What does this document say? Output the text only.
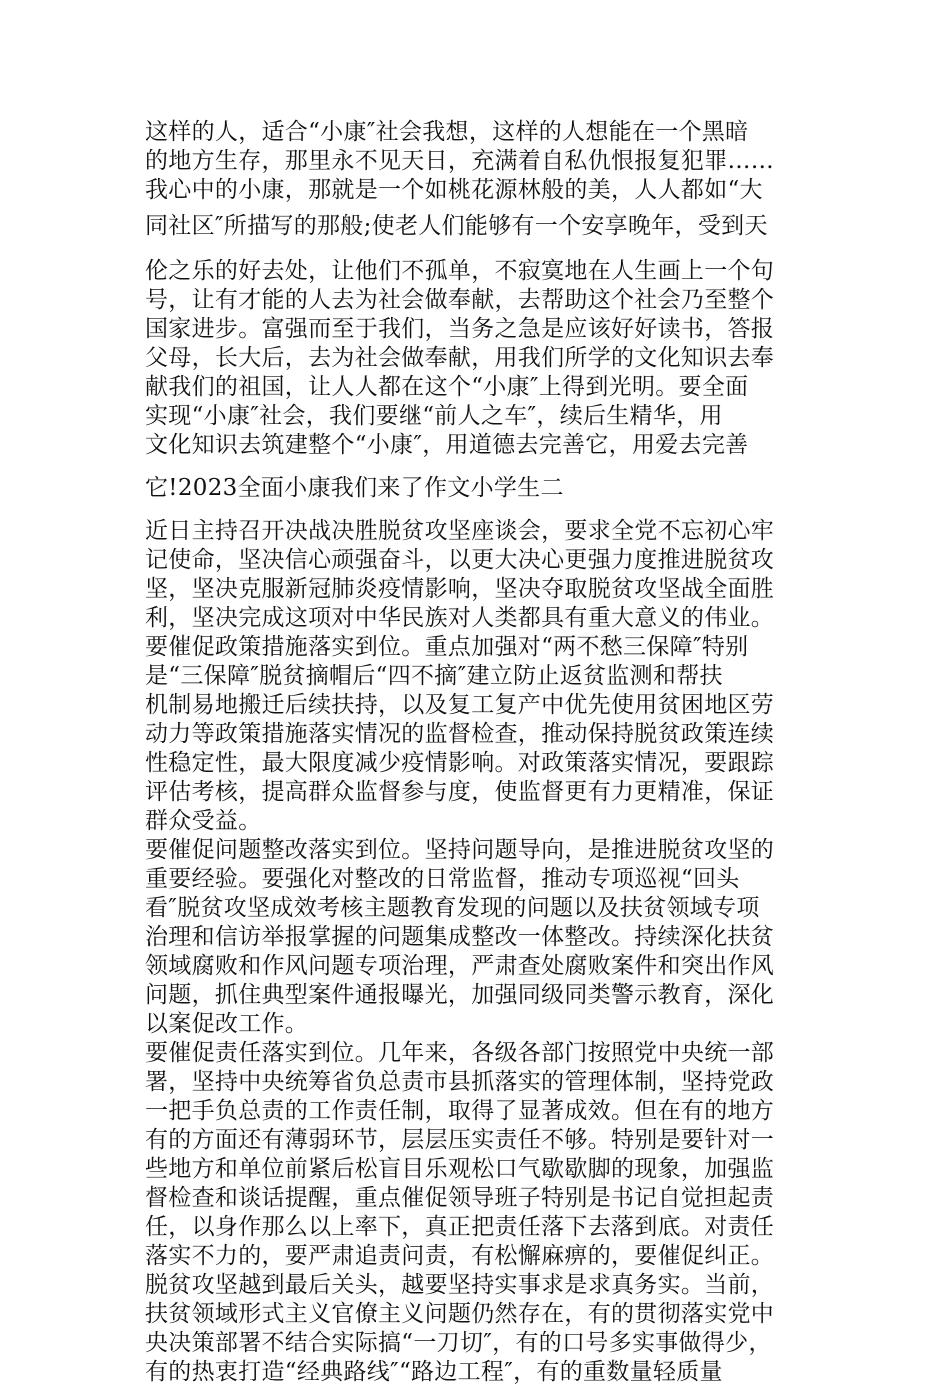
这样的人，适合“小康″社会我想，这样的人想能在一个黑暗
的地方生存，那里永不见天日，充满着自私仇恨报复犯罪……
我心中的小康，那就是一个如桃花源林般的美，人人都如“大
同社区″所描写的那般;使老人们能够有一个安享晚年，受到天
伦之乐的好去处，让他们不孤单，不寂寞地在人生画上一个句
号，让有才能的人去为社会做奉献，去帮助这个社会乃至整个
国家进步。富强而至于我们，当务之急是应该好好读书，答报
父母，长大后，去为社会做奉献，用我们所学的文化知识去奉
献我们的祖国，让人人都在这个“小康″上得到光明。要全面
实现“小康″社会，我们要继“前人之车″，续后生精华，用
文化知识去筑建整个“小康″，用道德去完善它，用爱去完善
它!2023全面小康我们来了作文小学生二
近日主持召开决战决胜脱贫攻坚座谈会，要求全党不忘初心牢
记使命，坚决信心顽强奋斗，以更大决心更强力度推进脱贫攻
坚，坚决克服新冠肺炎疫情影响，坚决夺取脱贫攻坚战全面胜
利，坚决完成这项对中华民族对人类都具有重大意义的伟业。
要催促政策措施落实到位。重点加强对“两不愁三保障″特别
是“三保障″脱贫摘帽后“四不摘″建立防止返贫监测和帮扶
机制易地搬迁后续扶持，以及复工复产中优先使用贫困地区劳
动力等政策措施落实情况的监督检查，推动保持脱贫政策连续
性稳定性，最大限度减少疫情影响。对政策落实情况，要跟踪
评估考核，提高群众监督参与度，使监督更有力更精准，保证
群众受益。
要催促问题整改落实到位。坚持问题导向，是推进脱贫攻坚的
重要经验。要强化对整改的日常监督，推动专项巡视“回头
看″脱贫攻坚成效考核主题教育发现的问题以及扶贫领域专项
治理和信访举报掌握的问题集成整改一体整改。持续深化扶贫
领域腐败和作风问题专项治理，严肃查处腐败案件和突出作风
问题，抓住典型案件通报曝光，加强同级同类警示教育，深化
以案促改工作。
要催促责任落实到位。几年来，各级各部门按照党中央统一部
署，坚持中央统筹省负总责市县抓落实的管理体制，坚持党政
一把手负总责的工作责任制，取得了显著成效。但在有的地方
有的方面还有薄弱环节，层层压实责任不够。特别是要针对一
些地方和单位前紧后松盲目乐观松口气歇歇脚的现象，加强监
督检查和谈话提醒，重点催促领导班子特别是书记自觉担起责
任，以身作那么以上率下，真正把责任落下去落到底。对责任
落实不力的，要严肃追责问责，有松懈麻痹的，要催促纠正。
脱贫攻坚越到最后关头，越要坚持实事求是求真务实。当前，
扶贫领域形式主义官僚主义问题仍然存在，有的贯彻落实党中
央决策部署不结合实际搞“一刀切″，有的口号多实事做得少，
有的热衷打造“经典路线″“路边工程″，有的重数量轻质量
